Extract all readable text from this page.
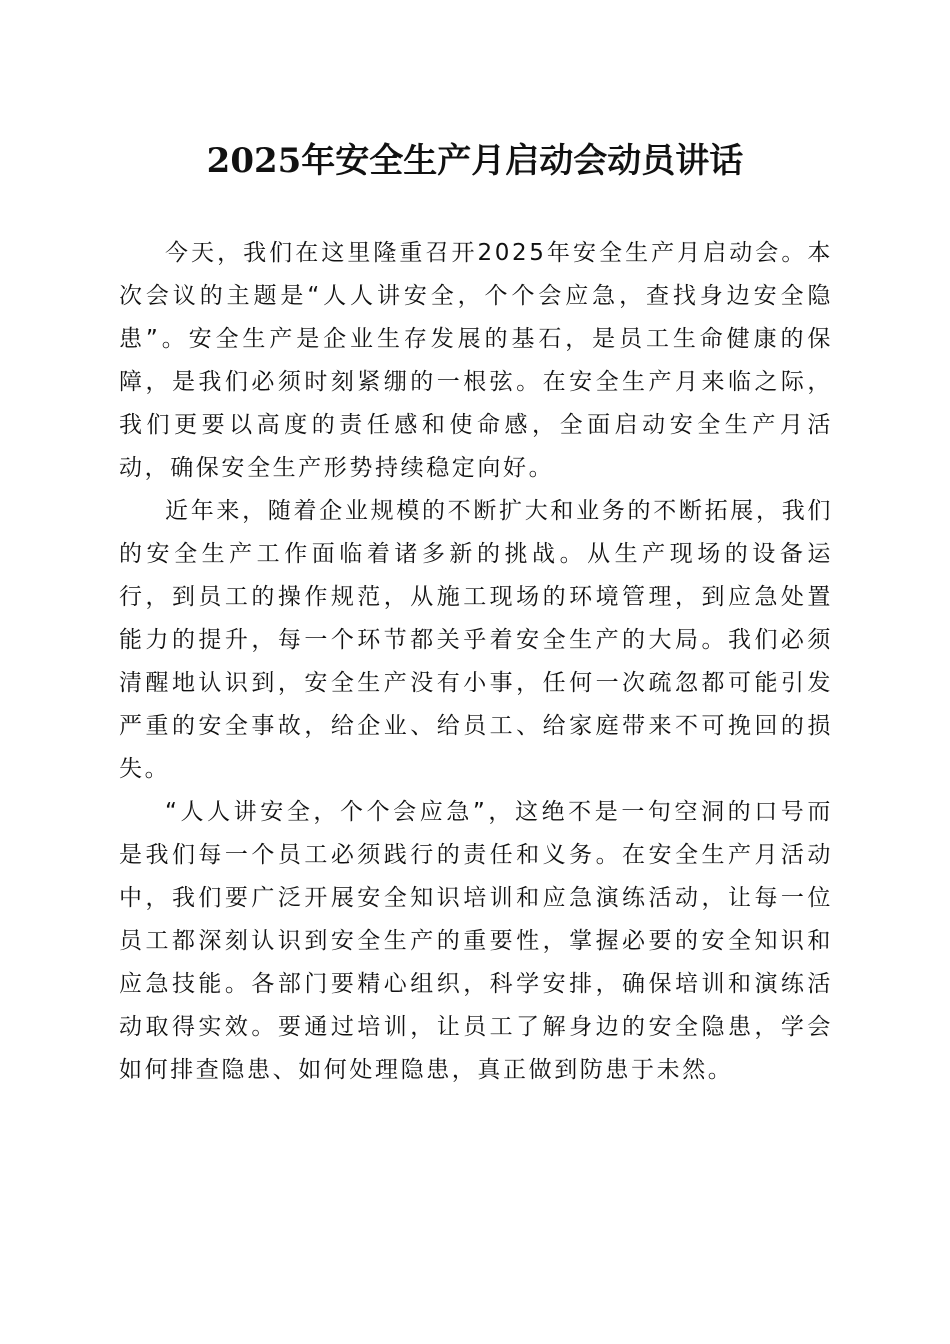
2025年安全生产月启动会动员讲话

今天，我们在这里隆重召开2025年安全生产月启动会。本次会议的主题是“人人讲安全，个个会应急，查找身边安全隐患”。安全生产是企业生存发展的基石，是员工生命健康的保障，是我们必须时刻紧绷的一根弦。在安全生产月来临之际，我们更要以高度的责任感和使命感，全面启动安全生产月活动，确保安全生产形势持续稳定向好。

近年来，随着企业规模的不断扩大和业务的不断拓展，我们的安全生产工作面临着诸多新的挑战。从生产现场的设备运行，到员工的操作规范，从施工现场的环境管理，到应急处置能力的提升，每一个环节都关乎着安全生产的大局。我们必须清醒地认识到，安全生产没有小事，任何一次疏忽都可能引发严重的安全事故，给企业、给员工、给家庭带来不可挽回的损失。

“人人讲安全，个个会应急”，这绝不是一句空洞的口号而是我们每一个员工必须践行的责任和义务。在安全生产月活动中，我们要广泛开展安全知识培训和应急演练活动，让每一位员工都深刻认识到安全生产的重要性，掌握必要的安全知识和应急技能。各部门要精心组织，科学安排，确保培训和演练活动取得实效。要通过培训，让员工了解身边的安全隐患，学会如何排查隐患、如何处理隐患，真正做到防患于未然。
